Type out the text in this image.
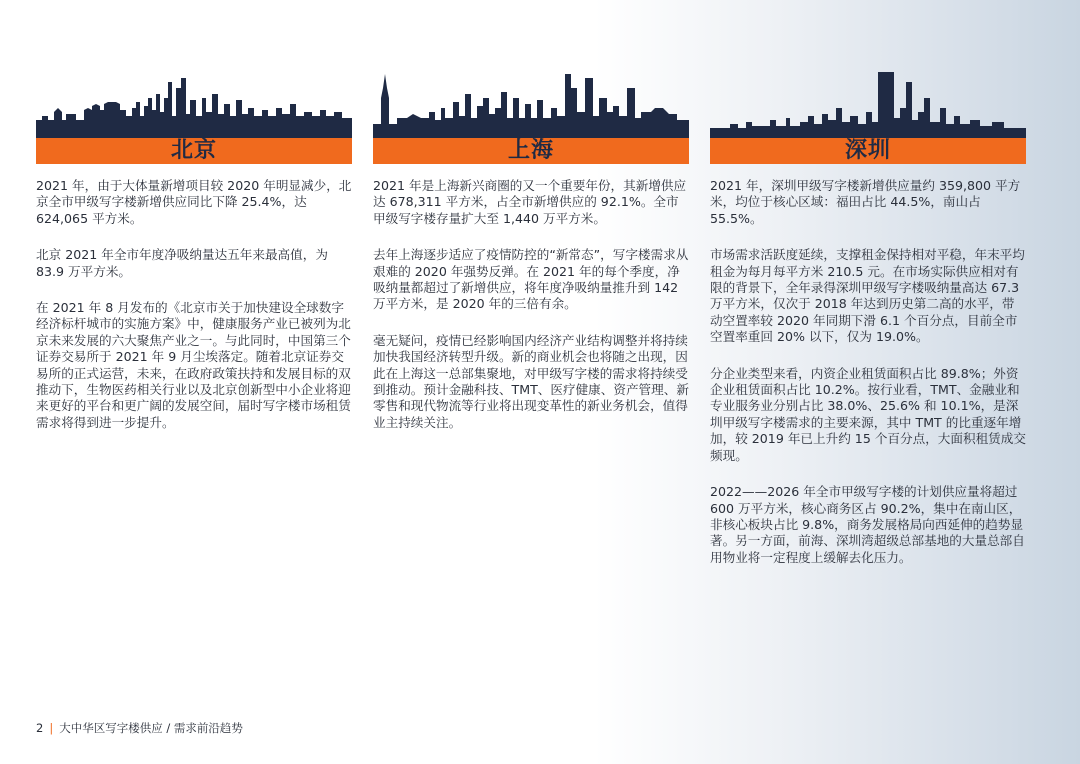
北京

2021 年，由于大体量新增项目较 2020 年明显减少，北京全市甲级写字楼新增供应同比下降 25.4%，达 624,065 平方米。

北京 2021 年全市年度净吸纳量达五年来最高值，为 83.9 万平方米。

在 2021 年 8 月发布的《北京市关于加快建设全球数字经济标杆城市的实施方案》中，健康服务产业已被列为北京未来发展的六大聚焦产业之一。与此同时，中国第三个证券交易所于 2021 年 9 月尘埃落定。随着北京证券交易所的正式运营，未来，在政府政策扶持和发展目标的双推动下，生物医药相关行业以及北京创新型中小企业将迎来更好的平台和更广阔的发展空间，届时写字楼市场租赁需求将得到进一步提升。

上海

2021 年是上海新兴商圈的又一个重要年份，其新增供应达 678,311 平方米，占全市新增供应的 92.1%。全市甲级写字楼存量扩大至 1,440 万平方米。

去年上海逐步适应了疫情防控的“新常态”，写字楼需求从艰难的 2020 年强势反弹。在 2021 年的每个季度，净吸纳量都超过了新增供应，将年度净吸纳量推升到 142 万平方米，是 2020 年的三倍有余。

毫无疑问，疫情已经影响国内经济产业结构调整并将持续加快我国经济转型升级。新的商业机会也将随之出现，因此在上海这一总部集聚地，对甲级写字楼的需求将持续受到推动。预计金融科技、TMT、医疗健康、资产管理、新零售和现代物流等行业将出现变革性的新业务机会，值得业主持续关注。

深圳

2021 年，深圳甲级写字楼新增供应量约 359,800 平方米，均位于核心区域：福田占比 44.5%，南山占 55.5%。

市场需求活跃度延续，支撑租金保持相对平稳，年末平均租金为每月每平方米 210.5 元。在市场实际供应相对有限的背景下，全年录得深圳甲级写字楼吸纳量高达 67.3 万平方米，仅次于 2018 年达到历史第二高的水平，带动空置率较 2020 年同期下滑 6.1 个百分点，目前全市空置率重回 20% 以下，仅为 19.0%。

分企业类型来看，内资企业租赁面积占比 89.8%；外资企业租赁面积占比 10.2%。按行业看，TMT、金融业和专业服务业分别占比 38.0%、25.6% 和 10.1%，是深圳甲级写字楼需求的主要来源，其中 TMT 的比重逐年增加，较 2019 年已上升约 15 个百分点，大面积租赁成交频现。

2022——2026 年全市甲级写字楼的计划供应量将超过 600 万平方米，核心商务区占 90.2%，集中在南山区，非核心板块占比 9.8%，商务发展格局向西延伸的趋势显著。另一方面，前海、深圳湾超级总部基地的大量总部自用物业将一定程度上缓解去化压力。

2 | 大中华区写字楼供应 / 需求前沿趋势
